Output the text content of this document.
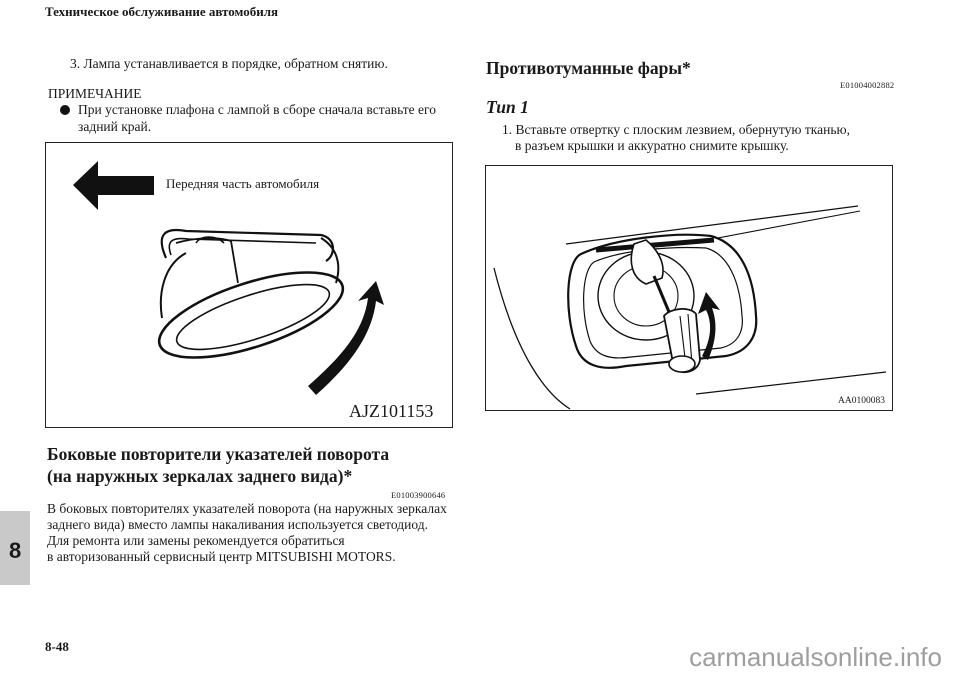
Техническое обслуживание автомобиля
3. Лампа устанавливается в порядке, обратном снятию.
ПРИМЕЧАНИЕ
При установке плафона с лампой в сборе сначала вставьте его
задний край.
Передняя часть автомобиля
AJZ101153
Боковые повторители указателей поворота
(на наружных зеркалах заднего вида)*
E01003900646
В боковых повторителях указателей поворота (на наружных зеркалах
заднего вида) вместо лампы накаливания используется светодиод.
Для ремонта или замены рекомендуется обратиться
в авторизованный сервисный центр MITSUBISHI MOTORS.
Противотуманные фары*
E01004002882
Тип 1
1. Вставьте отвертку с плоским лезвием, обернутую тканью,
в разъем крышки и аккуратно снимите крышку.
AA0100083
8
8-48	carmanualsonline.info
